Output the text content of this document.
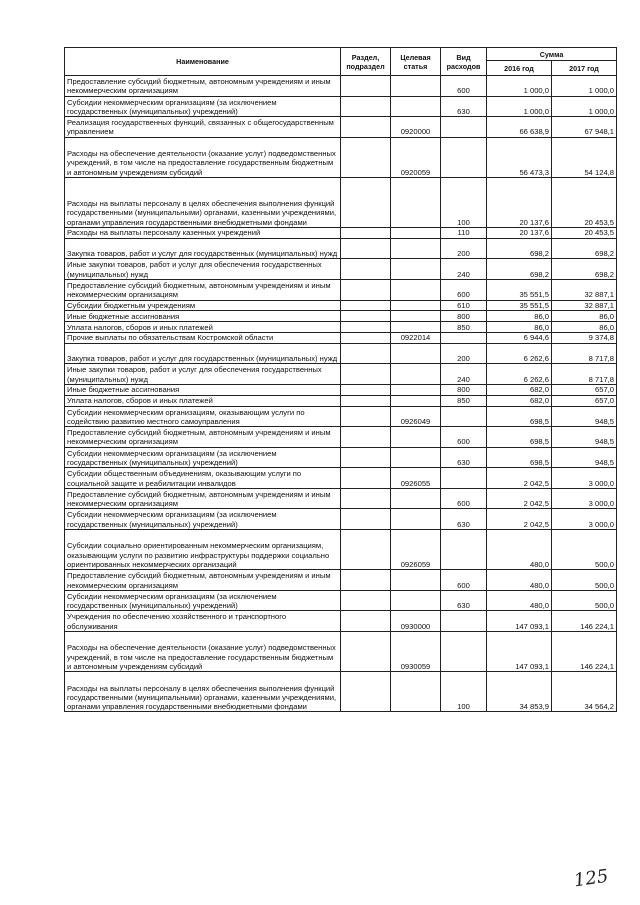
Наименование	Раздел, подраздел	Целевая статья	Вид расходов	Сумма	
				2016 год	2017 год
Предоставление субсидий бюджетным, автономным учреждениям и иным некоммерческим организациям			600	1 000,0	1 000,0
Субсидии некоммерческим организациям (за исключением государственных (муниципальных) учреждений)			630	1 000,0	1 000,0
Реализация государственных функций, связанных с общегосударственным управлением		0920000		66 638,9	67 948,1
Расходы на обеспечение деятельности (оказание услуг) подведомственных учреждений, в том числе на предоставление государственным бюджетным и автономным учреждениям субсидий		0920059		56 473,3	54 124,8
Расходы на выплаты персоналу в целях обеспечения выполнения функций государственными (муниципальными) органами, казенными учреждениями, органами управления государственными внебюджетными фондами			100	20 137,6	20 453,5
Расходы на выплаты персоналу казенных учреждений			110	20 137,6	20 453,5
Закупка товаров, работ и услуг для государственных (муниципальных) нужд			200	698,2	698,2
Иные закупки товаров, работ и услуг для обеспечения государственных (муниципальных) нужд			240	698,2	698,2
Предоставление субсидий бюджетным, автономным учреждениям и иным некоммерческим организациям			600	35 551,5	32 887,1
Субсидии бюджетным учреждениям			610	35 551,5	32 887,1
Иные бюджетные ассигнования			800	86,0	86,0
Уплата налогов, сборов и иных платежей			850	86,0	86,0
Прочие выплаты по обязательствам Костромской области		0922014		6 944,6	9 374,8
Закупка товаров, работ и услуг для государственных (муниципальных) нужд			200	6 262,6	8 717,8
Иные закупки товаров, работ и услуг для обеспечения государственных (муниципальных) нужд			240	6 262,6	8 717,8
Иные бюджетные ассигнования			800	682,0	657,0
Уплата налогов, сборов и иных платежей			850	682,0	657,0
Субсидии некоммерческим организациям, оказывающим услуги по содействию развитию местного самоуправления		0926049		698,5	948,5
Предоставление субсидий бюджетным, автономным учреждениям и иным некоммерческим организациям			600	698,5	948,5
Субсидии некоммерческим организациям (за исключением государственных (муниципальных) учреждений)			630	698,5	948,5
Субсидии общественным объединениям, оказывающим услуги по социальной защите и реабилитации инвалидов		0926055		2 042,5	3 000,0
Предоставление субсидий бюджетным, автономным учреждениям и иным некоммерческим организациям			600	2 042,5	3 000,0
Субсидии некоммерческим организациям (за исключением государственных (муниципальных) учреждений)			630	2 042,5	3 000,0
Субсидии социально ориентированным некоммерческим организациям, оказывающим услуги по развитию инфраструктуры поддержки социально ориентированных некоммерческих организаций		0926059		480,0	500,0
Предоставление субсидий бюджетным, автономным учреждениям и иным некоммерческим организациям			600	480,0	500,0
Субсидии некоммерческим организациям (за исключением государственных (муниципальных) учреждений)			630	480,0	500,0
Учреждения по обеспечению хозяйственного и транспортного обслуживания		0930000		147 093,1	146 224,1
Расходы на обеспечение деятельности (оказание услуг) подведомственных учреждений, в том числе на предоставление государственным бюджетным и автономным учреждениям субсидий		0930059		147 093,1	146 224,1
Расходы на выплаты персоналу в целях обеспечения выполнения функций государственными (муниципальными) органами, казенными учреждениями, органами управления государственными внебюджетными фондами			100	34 853,9	34 564,2
125
